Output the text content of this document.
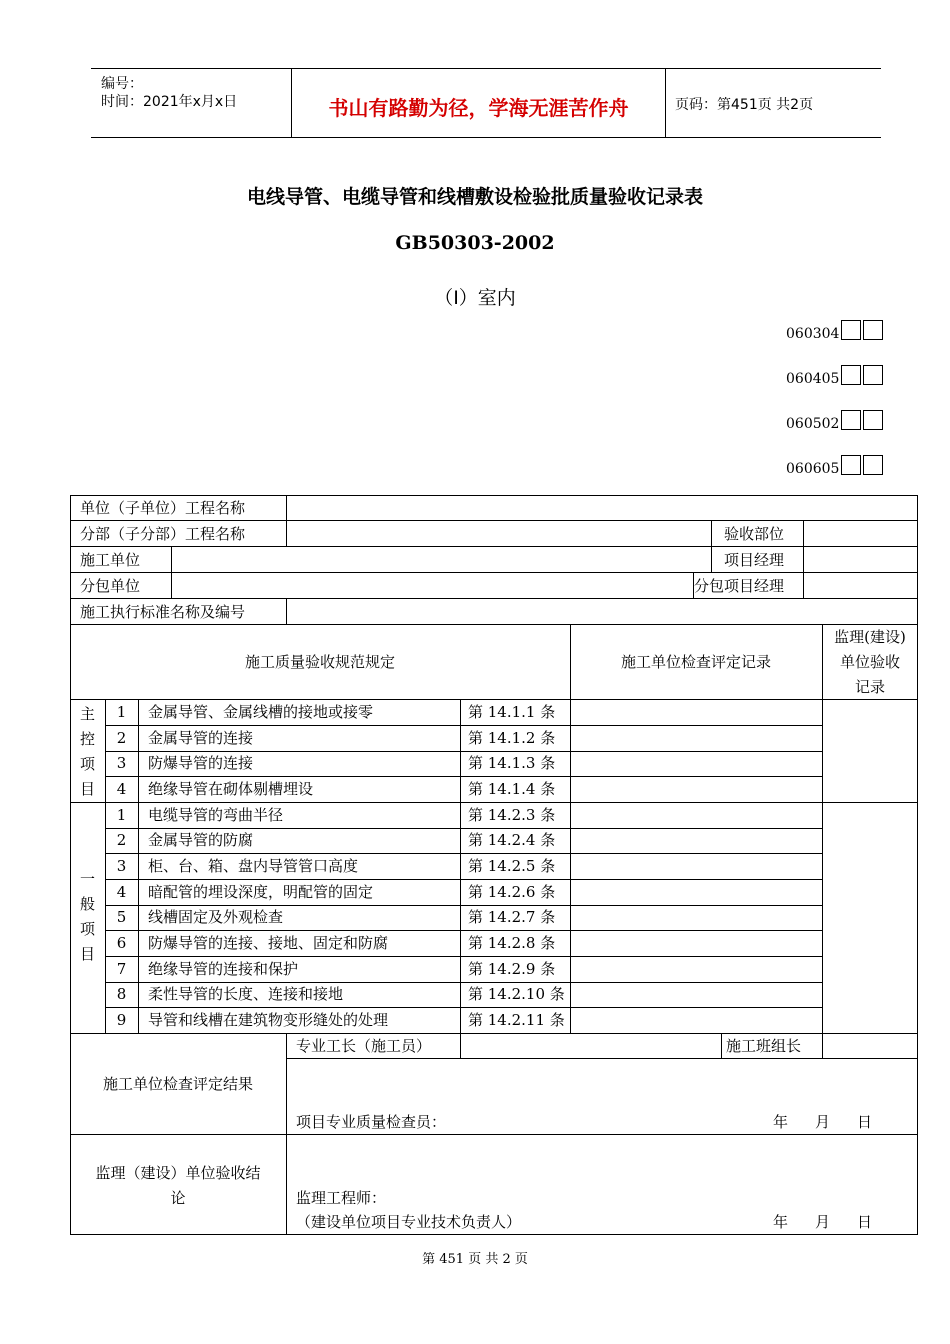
编号：
时间：2021年x月x日	书山有路勤为径，学海无涯苦作舟	页码：第451页 共2页
电线导管、电缆导管和线槽敷设检验批质量验收记录表
GB50303-2002
（Ⅰ）室内
060304
060405
060502
060605
单位（子单位）工程名称
分部（子分部）工程名称	验收部位
施工单位	项目经理
分包单位	分包项目经理
施工执行标准名称及编号
施工质量验收规范规定	施工单位检查评定记录
监理(建设)
单位验收
记录
主
控
项
目
一
般
项
目
1	金属导管、金属线槽的接地或接零	第 14.1.1 条
2	金属导管的连接	第 14.1.2 条
3	防爆导管的连接	第 14.1.3 条
4	绝缘导管在砌体剔槽埋设	第 14.1.4 条
1	电缆导管的弯曲半径	第 14.2.3 条
2	金属导管的防腐	第 14.2.4 条
3	柜、台、箱、盘内导管管口高度	第 14.2.5 条
4	暗配管的埋设深度，明配管的固定	第 14.2.6 条
5	线槽固定及外观检查	第 14.2.7 条
6	防爆导管的连接、接地、固定和防腐	第 14.2.8 条
7	绝缘导管的连接和保护	第 14.2.9 条
8	柔性导管的长度、连接和接地	第 14.2.10 条
9	导管和线槽在建筑物变形缝处的处理	第 14.2.11 条
专业工长（施工员）	施工班组长
施工单位检查评定结果
项目专业质量检查员：	年 月 日
监理（建设）单位验收结
论	监理工程师：
（建设单位项目专业技术负责人）	年 月 日
第 451 页 共 2 页
